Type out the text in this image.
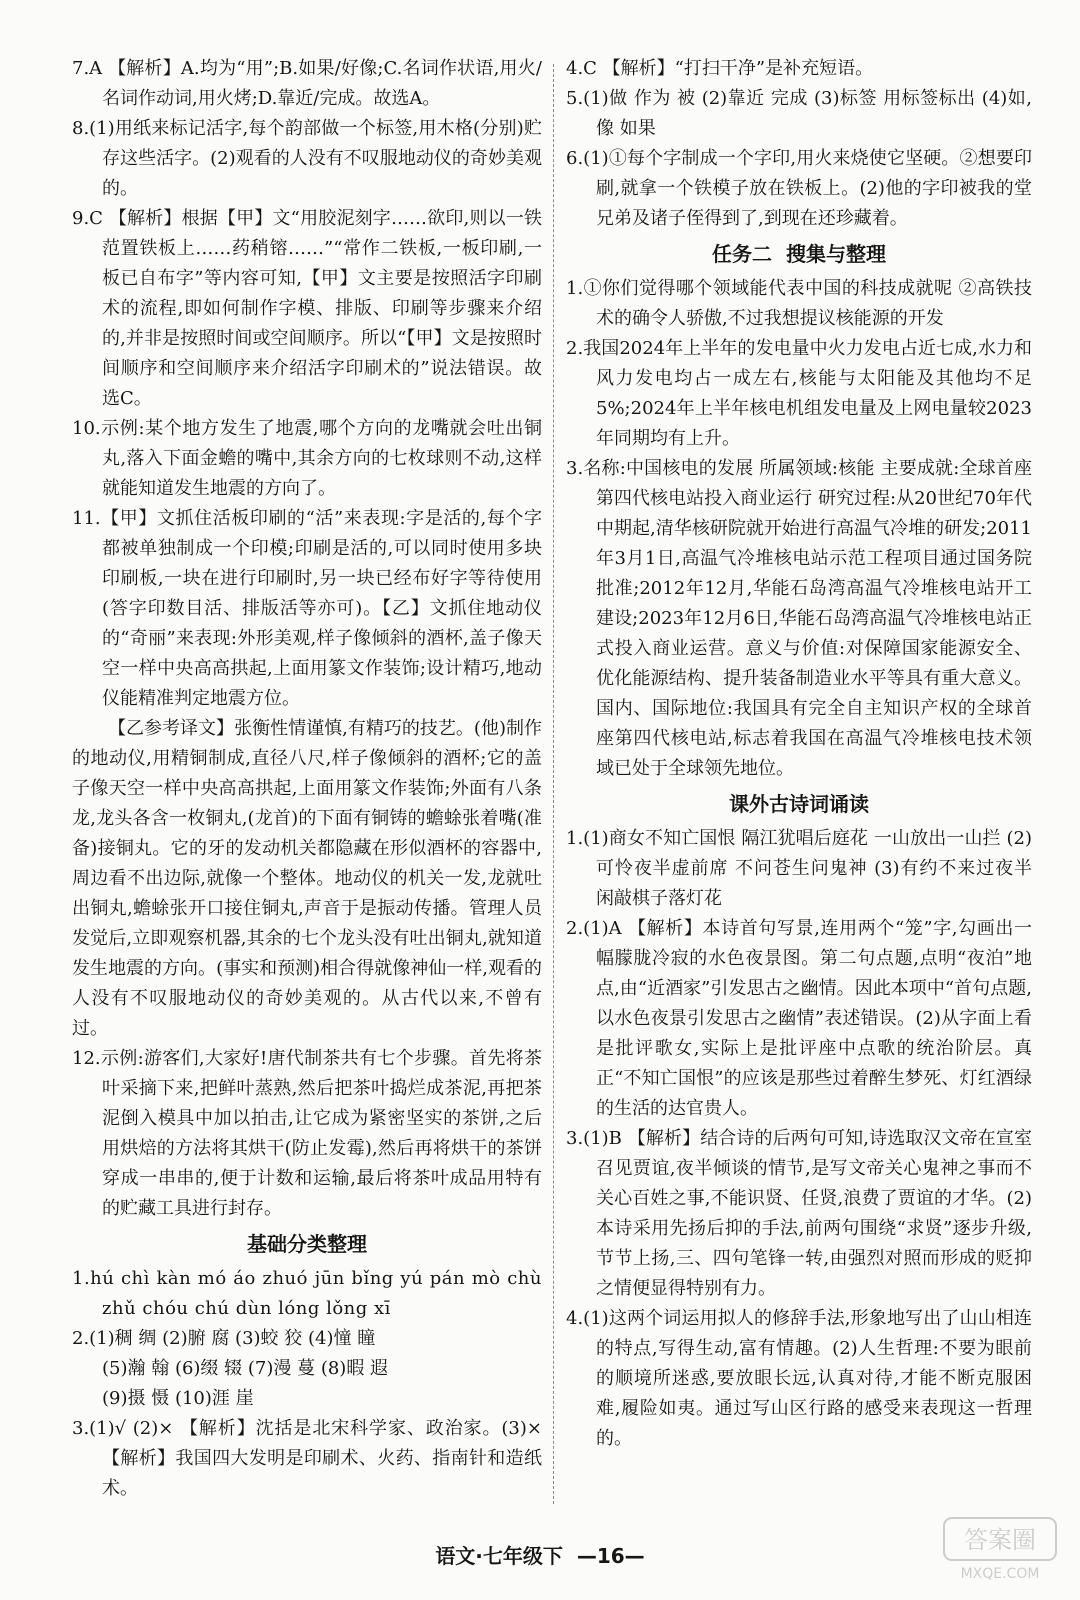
7.A 【解析】A.均为“用”;B.如果/好像;C.名词作状语,用火/名词作动词,用火烤;D.靠近/完成。故选A。
8.(1)用纸来标记活字,每个韵部做一个标签,用木格(分别)贮存这些活字。(2)观看的人没有不叹服地动仪的奇妙美观的。
9.C 【解析】根据【甲】文“用胶泥刻字……欲印,则以一铁范置铁板上……药稍镕……”“常作二铁板,一板印刷,一板已自布字”等内容可知,【甲】文主要是按照活字印刷术的流程,即如何制作字模、排版、印刷等步骤来介绍的,并非是按照时间或空间顺序。所以“【甲】文是按照时间顺序和空间顺序来介绍活字印刷术的”说法错误。故选C。
10.示例:某个地方发生了地震,哪个方向的龙嘴就会吐出铜丸,落入下面金蟾的嘴中,其余方向的七枚球则不动,这样就能知道发生地震的方向了。
11.【甲】文抓住活板印刷的“活”来表现:字是活的,每个字都被单独制成一个印模;印刷是活的,可以同时使用多块印刷板,一块在进行印刷时,另一块已经布好字等待使用(答字印数目活、排版活等亦可)。【乙】文抓住地动仪的“奇丽”来表现:外形美观,样子像倾斜的酒杯,盖子像天空一样中央高高拱起,上面用篆文作装饰;设计精巧,地动仪能精准判定地震方位。
【乙参考译文】张衡性情谨慎,有精巧的技艺。(他)制作的地动仪,用精铜制成,直径八尺,样子像倾斜的酒杯;它的盖子像天空一样中央高高拱起,上面用篆文作装饰;外面有八条龙,龙头各含一枚铜丸,(龙首)的下面有铜铸的蟾蜍张着嘴(准备)接铜丸。它的牙的发动机关都隐藏在形似酒杯的容器中,周边看不出边际,就像一个整体。地动仪的机关一发,龙就吐出铜丸,蟾蜍张开口接住铜丸,声音于是振动传播。管理人员发觉后,立即观察机器,其余的七个龙头没有吐出铜丸,就知道发生地震的方向。(事实和预测)相合得就像神仙一样,观看的人没有不叹服地动仪的奇妙美观的。从古代以来,不曾有过。
12.示例:游客们,大家好!唐代制茶共有七个步骤。首先将茶叶采摘下来,把鲜叶蒸熟,然后把茶叶捣烂成茶泥,再把茶泥倒入模具中加以拍击,让它成为紧密坚实的茶饼,之后用烘焙的方法将其烘干(防止发霉),然后再将烘干的茶饼穿成一串串的,便于计数和运输,最后将茶叶成品用特有的贮藏工具进行封存。
基础分类整理
1.hú chì kàn mó áo zhuó jūn bǐng yú pán mò chù zhǔ chóu chú dùn lóng lǒng xī
2.(1)稠 绸 (2)腑 腐 (3)蛟 狡 (4)憧 瞳
(5)瀚 翰 (6)缀 辍 (7)漫 蔓 (8)暇 遐
(9)摄 慑 (10)涯 崖
3.(1)√ (2)× 【解析】沈括是北宋科学家、政治家。(3)× 【解析】我国四大发明是印刷术、火药、指南针和造纸术。
4.C 【解析】“打扫干净”是补充短语。
5.(1)做 作为 被 (2)靠近 完成 (3)标签 用标签标出 (4)如,像 如果
6.(1)①每个字制成一个字印,用火来烧使它坚硬。②想要印刷,就拿一个铁模子放在铁板上。(2)他的字印被我的堂兄弟及诸子侄得到了,到现在还珍藏着。
任务二  搜集与整理
1.①你们觉得哪个领域能代表中国的科技成就呢 ②高铁技术的确令人骄傲,不过我想提议核能源的开发
2.我国2024年上半年的发电量中火力发电占近七成,水力和风力发电均占一成左右,核能与太阳能及其他均不足5%;2024年上半年核电机组发电量及上网电量较2023年同期均有上升。
3.名称:中国核电的发展 所属领域:核能 主要成就:全球首座第四代核电站投入商业运行 研究过程:从20世纪70年代中期起,清华核研院就开始进行高温气冷堆的研发;2011年3月1日,高温气冷堆核电站示范工程项目通过国务院批准;2012年12月,华能石岛湾高温气冷堆核电站开工建设;2023年12月6日,华能石岛湾高温气冷堆核电站正式投入商业运营。意义与价值:对保障国家能源安全、优化能源结构、提升装备制造业水平等具有重大意义。国内、国际地位:我国具有完全自主知识产权的全球首座第四代核电站,标志着我国在高温气冷堆核电技术领域已处于全球领先地位。
课外古诗词诵读
1.(1)商女不知亡国恨 隔江犹唱后庭花 一山放出一山拦 (2)可怜夜半虚前席 不问苍生问鬼神 (3)有约不来过夜半 闲敲棋子落灯花
2.(1)A 【解析】本诗首句写景,连用两个“笼”字,勾画出一幅朦胧冷寂的水色夜景图。第二句点题,点明“夜泊”地点,由“近酒家”引发思古之幽情。因此本项中“首句点题,以水色夜景引发思古之幽情”表述错误。(2)从字面上看是批评歌女,实际上是批评座中点歌的统治阶层。真正“不知亡国恨”的应该是那些过着醉生梦死、灯红酒绿的生活的达官贵人。
3.(1)B 【解析】结合诗的后两句可知,诗选取汉文帝在宣室召见贾谊,夜半倾谈的情节,是写文帝关心鬼神之事而不关心百姓之事,不能识贤、任贤,浪费了贾谊的才华。(2)本诗采用先扬后抑的手法,前两句围绕“求贤”逐步升级,节节上扬,三、四句笔锋一转,由强烈对照而形成的贬抑之情便显得特别有力。
4.(1)这两个词运用拟人的修辞手法,形象地写出了山山相连的特点,写得生动,富有情趣。(2)人生哲理:不要为眼前的顺境所迷惑,要放眼长远,认真对待,才能不断克服困难,履险如夷。通过写山区行路的感受来表现这一哲理的。
语文·七年级下  —16—
答案圈
MXQE.COM
